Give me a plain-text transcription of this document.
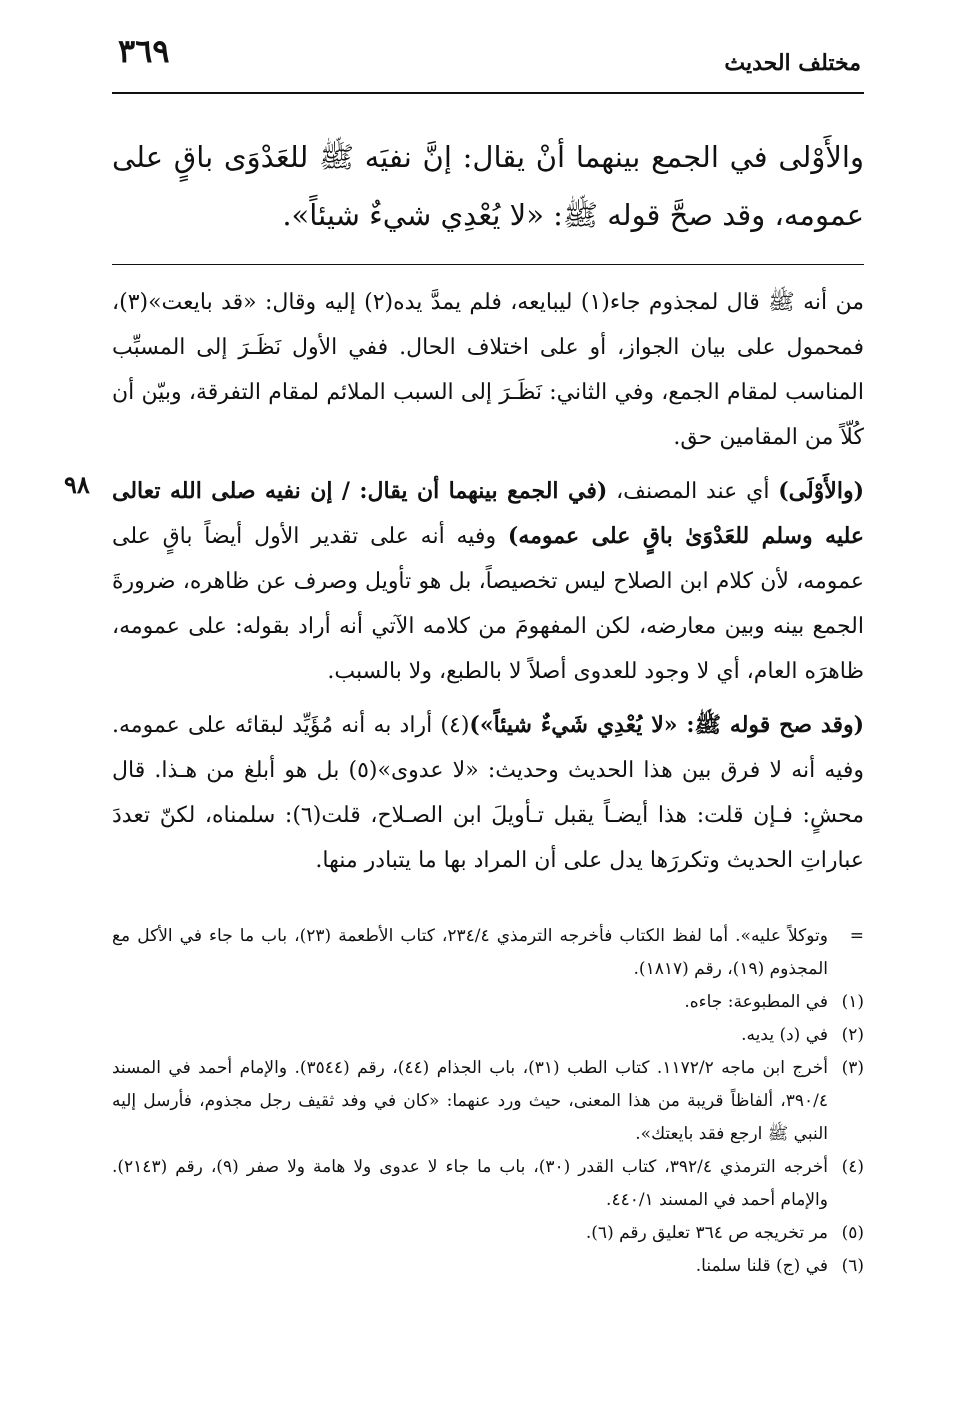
٣٦٩	مختلف الحديث
والأَوْلى في الجمع بينهما أنْ يقال: إنَّ نفيَه ﷺ للعَدْوَى باقٍ على عمومه، وقد صحَّ قوله ﷺ: «لا يُعْدِي شيءٌ شيئاً».
٩٨

من أنه ﷺ قال لمجذوم جاء(١) ليبايعه، فلم يمدَّ يده(٢) إليه وقال: «قد بايعت»(٣)، فمحمول على بيان الجواز، أو على اختلاف الحال. ففي الأول نَظَـرَ إلى المسبِّب المناسب لمقام الجمع، وفي الثاني: نَظَـرَ إلى السبب الملائم لمقام التفرقة، وبيّن أن كُلّاً من المقامين حق.

(والأَوْلَى) أي عند المصنف، (في الجمع بينهما أن يقال: / إن نفيه صلى الله تعالى عليه وسلم للعَدْوَىٰ باقٍ على عمومه) وفيه أنه على تقدير الأول أيضاً باقٍ على عمومه، لأن كلام ابن الصلاح ليس تخصيصاً، بل هو تأويل وصرف عن ظاهره، ضرورةَ الجمع بينه وبين معارضه، لكن المفهومَ من كلامه الآتي أنه أراد بقوله: على عمومه، ظاهرَه العام، أي لا وجود للعدوى أصلاً لا بالطبع، ولا بالسبب.

(وقد صح قوله ﷺ: «لا يُعْدِي شَيءٌ شيئاً»)(٤) أراد به أنه مُؤَيِّد لبقائه على عمومه. وفيه أنه لا فرق بين هذا الحديث وحديث: «لا عدوى»(٥) بل هو أبلغ من هـذا. قال محشٍ: فـإن قلت: هذا أيضـاً يقبل تـأويلَ ابن الصـلاح، قلت(٦): سلمناه، لكنّ تعددَ عباراتِ الحديث وتكررَها يدل على أن المراد بها ما يتبادر منها.

=
وتوكلاً عليه». أما لفظ الكتاب فأخرجه الترمذي ٢٣٤/٤، كتاب الأطعمة (٢٣)، باب ما جاء في الأكل مع المجذوم (١٩)، رقم (١٨١٧).
(١)
في المطبوعة: جاءه.
(٢)
في (د) يديه.
(٣)
أخرج ابن ماجه ١١٧٢/٢. كتاب الطب (٣١)، باب الجذام (٤٤)، رقم (٣٥٤٤). والإمام أحمد في المسند ٣٩٠/٤، ألفاظاً قريبة من هذا المعنى، حيث ورد عنهما: «كان في وفد ثقيف رجل مجذوم، فأرسل إليه النبي ﷺ ارجع فقد بايعتك».
(٤)
أخرجه الترمذي ٣٩٢/٤، كتاب القدر (٣٠)، باب ما جاء لا عدوى ولا هامة ولا صفر (٩)، رقم (٢١٤٣). والإمام أحمد في المسند ٤٤٠/١.
(٥)
مر تخريجه ص ٣٦٤ تعليق رقم (٦).
(٦)
في (ج) قلنا سلمنا.
